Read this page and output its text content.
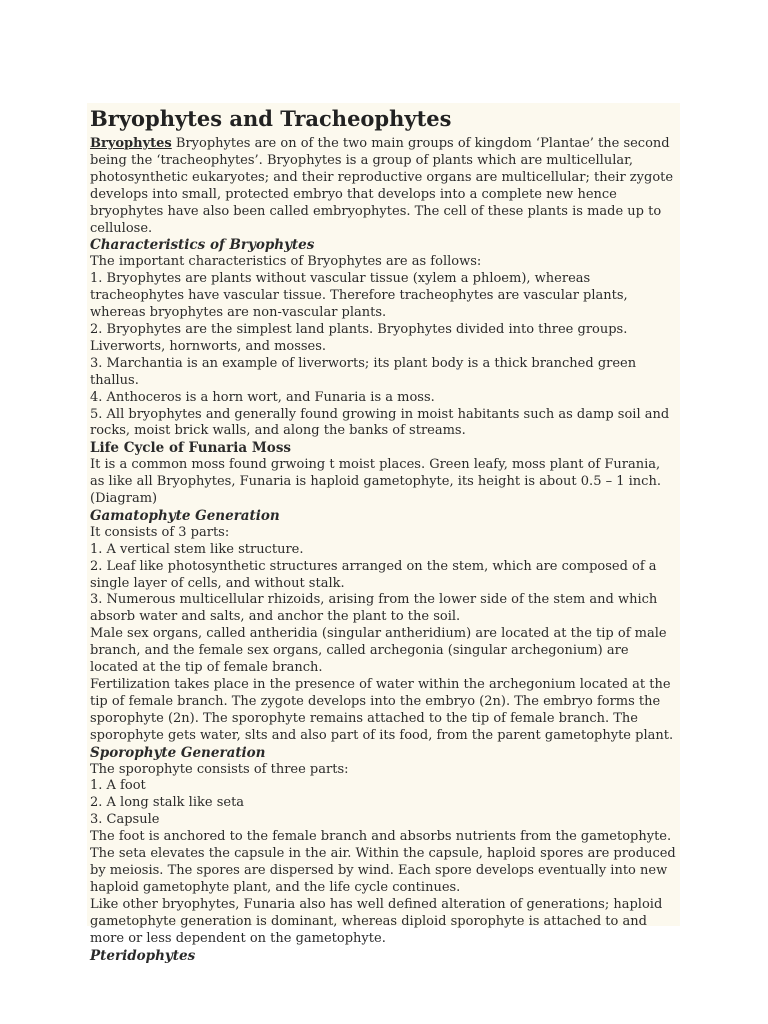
Bryophytes and Tracheophytes

Bryophytes Bryophytes are on of the two main groups of kingdom ‘Plantae’ the second being the ‘tracheophytes’. Bryophytes is a group of plants which are multicellular, photosynthetic eukaryotes; and their reproductive organs are multicellular; their zygote develops into small, protected embryo that develops into a complete new hence bryophytes have also been called embryophytes. The cell of these plants is made up to cellulose.

Characteristics of Bryophytes

The important characteristics of Bryophytes are as follows:

1. Bryophytes are plants without vascular tissue (xylem a phloem), whereas tracheophytes have vascular tissue. Therefore tracheophytes are vascular plants, whereas bryophytes are non-vascular plants.

2. Bryophytes are the simplest land plants. Bryophytes divided into three groups. Liverworts, hornworts, and mosses.

3. Marchantia is an example of liverworts; its plant body is a thick branched green thallus.

4. Anthoceros is a horn wort, and Funaria is a moss.

5. All bryophytes and generally found growing in moist habitants such as damp soil and rocks, moist brick walls, and along the banks of streams.

Life Cycle of Funaria Moss

It is a common moss found grwoing t moist places. Green leafy, moss plant of Furania, as like all Bryophytes, Funaria is haploid gametophyte, its height is about 0.5 – 1 inch.

(Diagram)

Gamatophyte Generation

It consists of 3 parts:

1. A vertical stem like structure.

2. Leaf like photosynthetic structures arranged on the stem, which are composed of a single layer of cells, and without stalk.

3. Numerous multicellular rhizoids, arising from the lower side of the stem and which absorb water and salts, and anchor the plant to the soil.

Male sex organs, called antheridia (singular antheridium) are located at the tip of male branch, and the female sex organs, called archegonia (singular archegonium) are located at the tip of female branch.

Fertilization takes place in the presence of water within the archegonium located at the tip of female branch. The zygote develops into the embryo (2n). The embryo forms the sporophyte (2n). The sporophyte remains attached to the tip of female branch. The sporophyte gets water, slts and also part of its food, from the parent gametophyte plant.

Sporophyte Generation

The sporophyte consists of three parts:

1. A foot

2. A long stalk like seta

3. Capsule

The foot is anchored to the female branch and absorbs nutrients from the gametophyte. The seta elevates the capsule in the air. Within the capsule, haploid spores are produced by meiosis. The spores are dispersed by wind. Each spore develops eventually into new haploid gametophyte plant, and the life cycle continues.

Like other bryophytes, Funaria also has well defined alteration of generations; haploid gametophyte generation is dominant, whereas diploid sporophyte is attached to and more or less dependent on the gametophyte.

Pteridophytes
